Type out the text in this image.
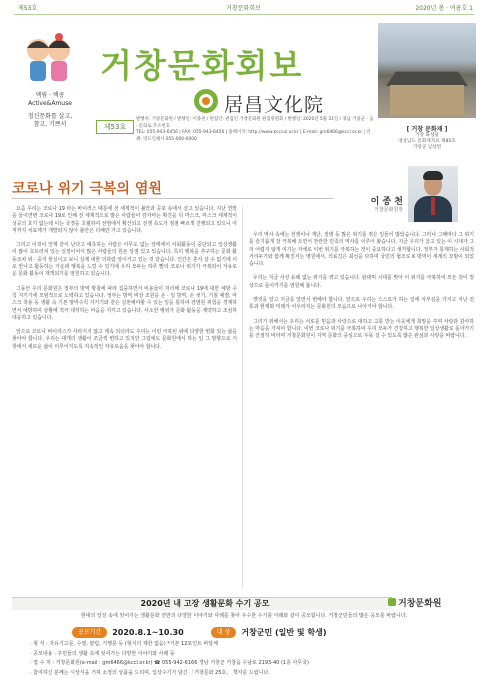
제53호	거창문화회보	2020년 봄 · 여름호 1
액림 · 액콩
Active&Amuse
정신문화를 살고,
참고, 기쁘서
거창문화회보
居昌文化院
제53호
발행처: 거창문화원 / 발행인: 이종천 / 편집인: 편집인 거창문화원 편집위원회 / 발행일: 2020년 5월 31일 / 경남 거창군 · 읍 · 문화로 주소번호
TEL: 055-943-6456 | FAX: 055-943-6456 | 홈페이지: http://www.kcccul.or.kr | E-mail: gm6466@kccl.or.kr | 인쇄: 영도인쇄사 055-000-0000
[ 거창 문화재 ]
거창 화성당
경상남도 문화재자료 제85호
거창군 남상면
코로나 위기 극복의 염원
이 종 천
거창문화원장

요즘 우리는 코로나 19 라는 바이러스 때문에 전 세계적이 불안과 공포 속에서 살고 있습니다. 지난 연말을 들어면변 코로나 19로 인해 전 세계적으로 많은 사람들이 감자마는 확진을 뒤 마스크, 마스크 세계적이 성공의 호기 없는데 이는 국경을 초월하여 전염에서 확산되고 전쟁 속도가 점점 빠르게 진행되고 있으니 아직까지 치료제가 개발되지 않아 불안은 더해만 가고 있습니다.

그리고 이것이 언제 끝이 난다고 예측하는 사람은 아무도 없는 상태에서 사회활동이 중단되고 일상생활이 많이 흐트러져 있는 실정이어서 많은 사람들의 원돈 상점 있고 있습니다. 특히 행복을 추구하는 문화 활동조차 위 · 중지 현실이고 보니 실제 대한 의하람 앞이거고 있는 것 같습니다. 인간은 혼자 살 수 없기에 서로 만나고 활동하는 가운데 행복을 느낄 수 있기에 우리 모두는 하루 빨리 코로나 위기가 극복되어 자유로운 문화 활동이 재개되기를 염원하고 있습니다.

그동안 우리 문화원은 정부의 방역 방침에 따라 집중하면서 비용들이 처리해 코로나 19에 대한 예방 수칙 지키기에 모범적으로 노력하고 있습니다. 정부는 방역 비상 조원을 온 · 일 방역, 손 씻기, 기침 예절, 마스크 착용 등 생활 속 기본 방역수칙 지키기와 같은 실천해야할 수 있는 일을 통하여 감염된 위험을 경계하면서 예방하여 상황에 적극 대처하는 마음을 지키고 있습니다. 사소한 행위가 문화 활동을 제약하고 조심하 대응하고 있습니다.

앞으로 코로나 바이러스가 사라지지 않고 계속 되더라도 우리는 이런 극복된 위에 다양한 변화 있는 삶을 찾아야 합니다. 우리는 대개의 생활이 조금씩 변하고 있지만 그럼에도 문화원에서 하는 일 그 방향으로 거창에서 새로운 삶이 이루어지도록 지속적인 자유로움을 찾아야 합니다.

우리 역사 속에는 전쟁이나 재난, 질병 등 많은 위기를 겪은 일들이 많았습니다. 그러나 그때마다 그 위기를 슬기롭게 잘 극복해 오면서 찬란한 민족의 역사를 이루어 왔습니다. 지금 우리가 살고 있는 이 시대가 그리 어렵지 않게 여기는 자세로 이번 위기를 극복하는 것이 중요하다고 생각합니다. 정부가 통제하는 사회적 거리두기와 함께 확진자는 병원에서, 의료진은 최선을 다하며 국민의 협조로 K 방역이 세계의 모범이 되었습니다.

우리는 지금 사상 유례 없는 위기를 겪고 있습니다. 판데믹 시대를 맞아 이 위기를 극복하여 모든 것이 정상으로 돌아가기를 염원해 봅니다.

옛것을 알고 지금을 알면서 변해야 합니다. 앞으로 우리는 스스로가 하는 일에 자부심을 가지고 지난 전통과 현재와 미래가 어우러지는 문화원의 모습으로 나아가야 합니다.

그리기 위해서는 우리는 서로를 믿음과 사랑으로 대하고 고통 받는 이웃에게 희망을 주며 사랑과 감사하는 마음을 가져야 합니다. 이번 코로나 위기를 극복하여 우리 모두가 건강하고 행복한 일상생활로 돌아가기를 간절히 바라며 거창문화원이 지역 문화의 중심으로 우뚝 설 수 있도록 많은 관심과 사랑을 바랍니다.

2020년 내 고장 생활문화 수기 공모	거창문화원
현대의 일상 속에 잊어가는 생활문화 전반의 다양한 이야기와 사례를 찾아 우수한 수기를 아래와 같이 공모합니다. 거창군민들의 많은 응모를 바랍니다.
공모기간 2020.8.1~10.30	대 상 거창군민 (일반 및 학생)
· 형 식 : 자유기고문, 수필, 칼럼, 기행문 등 (형식의 제한 없음) *기본 12포인트 바탕체
· 공모내용 : 주민들의 생활 속에 잊어가는 다양한 이야기와 사례 등
· 접 수 처 : 거창문화원(e-mail : gm6466@kccl.or.kr) ☎ 055-942-6166 경남 거창군 거창읍 수남로 2193-40 (1층 사무국)
· 참여하신 분께는 시상식을 거쳐 소정의 상품을 드리며, 입상수기가 담긴 「거창문화 25호」 책자를 드립니다.
